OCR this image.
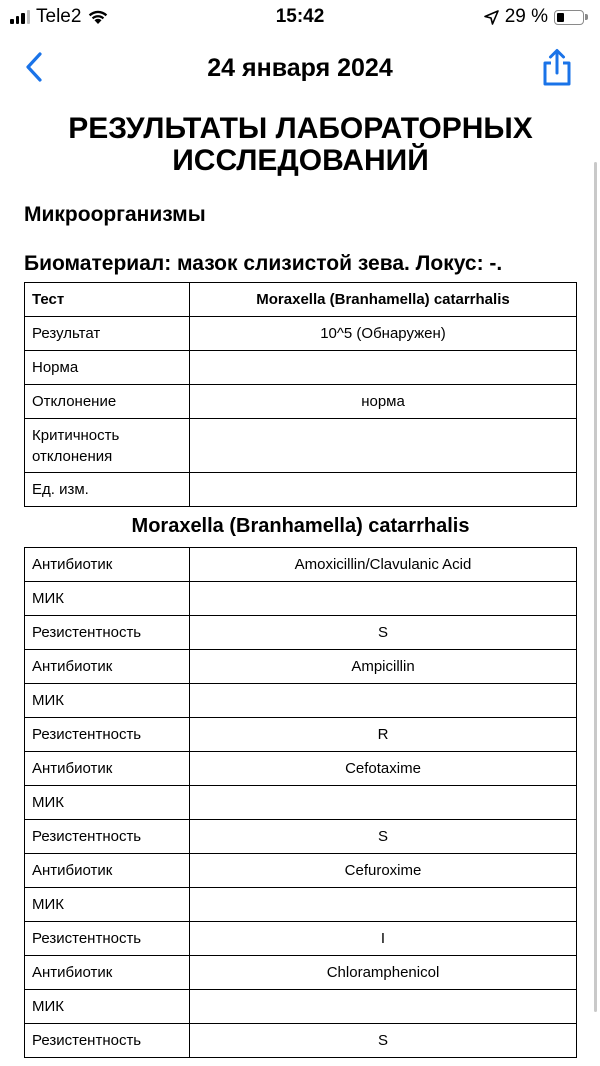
Tele2	15:42	29 %
24 января 2024
РЕЗУЛЬТАТЫ ЛАБОРАТОРНЫХ ИССЛЕДОВАНИЙ
Микроорганизмы
Биоматериал: мазок слизистой зева. Локус: -.
Тест	Moraxella (Branhamella) catarrhalis
Результат	10^5 (Обнаружен)
Норма	
Отклонение	норма
Критичность отклонения	
Ед. изм.	
Moraxella (Branhamella) catarrhalis
Антибиотик	Amoxicillin/Clavulanic Acid
МИК	
Резистентность	S
Антибиотик	Ampicillin
МИК	
Резистентность	R
Антибиотик	Cefotaxime
МИК	
Резистентность	S
Антибиотик	Cefuroxime
МИК	
Резистентность	I
Антибиотик	Chloramphenicol
МИК	
Резистентность	S
